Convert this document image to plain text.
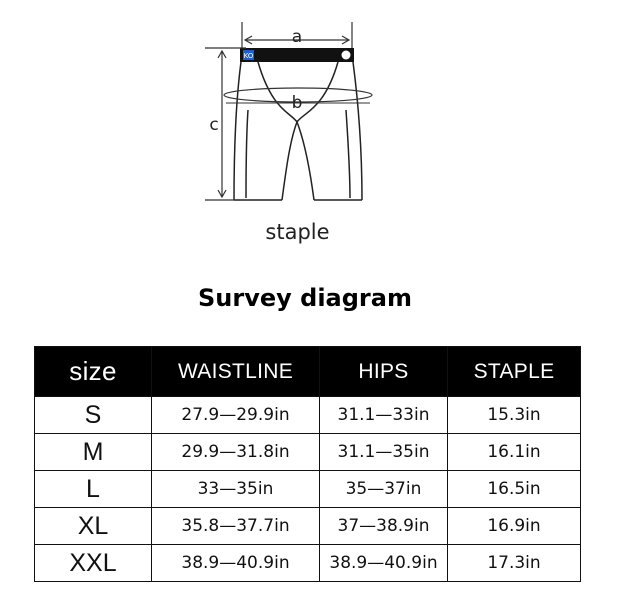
a
KO
b
c
staple
Survey diagram
size	WAISTLINE	HIPS	STAPLE
S	27.9—29.9in	31.1—33in	15.3in
M	29.9—31.8in	31.1—35in	16.1in
L	33—35in	35—37in	16.5in
XL	35.8—37.7in	37—38.9in	16.9in
XXL	38.9—40.9in	38.9—40.9in	17.3in
